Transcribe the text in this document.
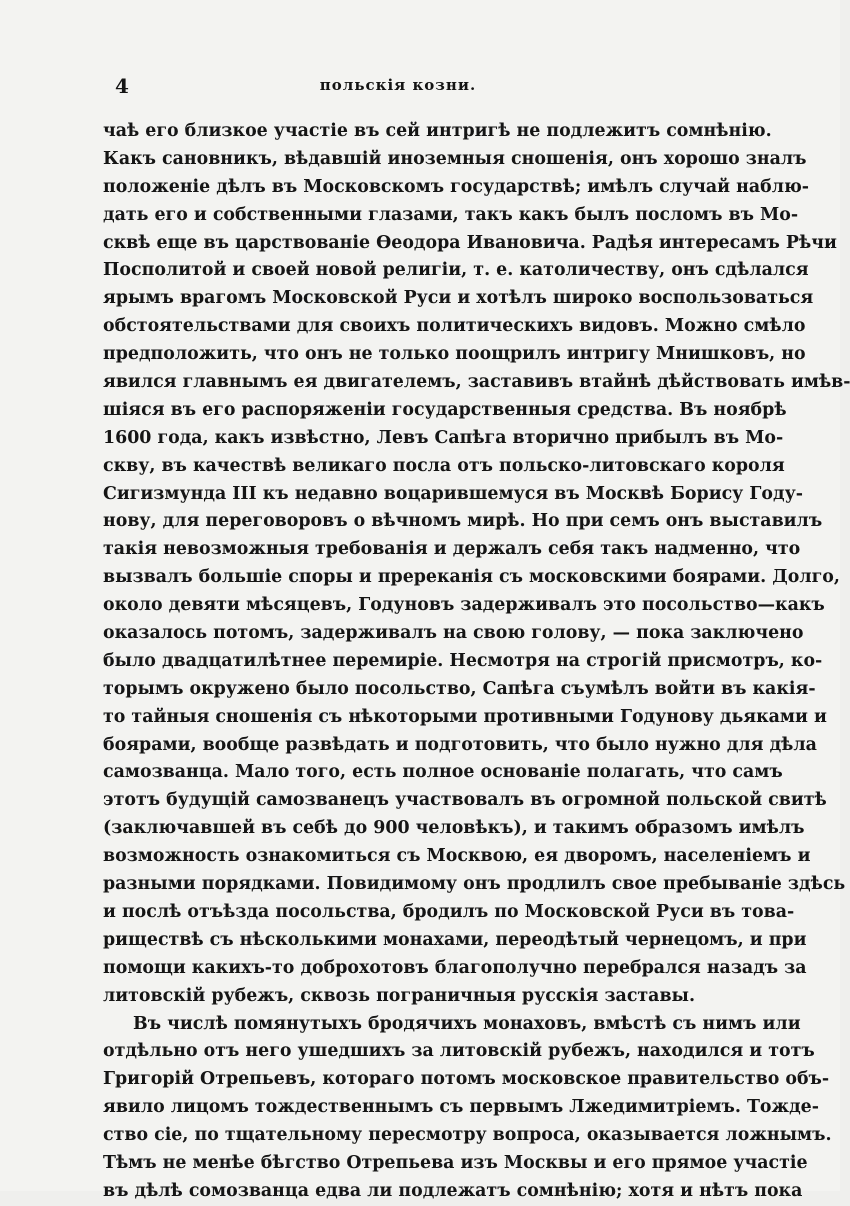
4	польскія козни.
чаѣ его близкое участіе въ сей интригѣ не подлежитъ сомнѣнію.
Какъ сановникъ, вѣдавшій иноземныя сношенія, онъ хорошо зналъ
положеніе дѣлъ въ Московскомъ государствѣ; имѣлъ случай наблю-
дать его и собственными глазами, такъ какъ былъ посломъ въ Мо-
сквѣ еще въ царствованіе Ѳеодора Ивановича. Радѣя интересамъ Рѣчи
Посполитой и своей новой религіи, т. е. католичеству, онъ сдѣлался
ярымъ врагомъ Московской Руси и хотѣлъ широко воспользоваться
обстоятельствами для своихъ политическихъ видовъ. Можно смѣло
предположить, что онъ не только поощрилъ интригу Мнишковъ, но
явился главнымъ ея двигателемъ, заставивъ втайнѣ дѣйствовать имѣв-
шіяся въ его распоряженіи государственныя средства. Въ ноябрѣ
1600 года, какъ извѣстно, Левъ Сапѣга вторично прибылъ въ Мо-
скву, въ качествѣ великаго посла отъ польско-литовскаго короля
Сигизмунда III къ недавно воцарившемуся въ Москвѣ Борису Году-
нову, для переговоровъ о вѣчномъ мирѣ. Но при семъ онъ выставилъ
такія невозможныя требованія и держалъ себя такъ надменно, что
вызвалъ большіе споры и пререканія съ московскими боярами. Долго,
около девяти мѣсяцевъ, Годуновъ задерживалъ это посольство—какъ
оказалось потомъ, задерживалъ на свою голову, — пока заключено
было двадцатилѣтнее перемиріе. Несмотря на строгій присмотръ, ко-
торымъ окружено было посольство, Сапѣга съумѣлъ войти въ какія-
то тайныя сношенія съ нѣкоторыми противными Годунову дьяками и
боярами, вообще развѣдать и подготовить, что было нужно для дѣла
самозванца. Мало того, есть полное основаніе полагать, что самъ
этотъ будущій самозванецъ участвовалъ въ огромной польской свитѣ
(заключавшей въ себѣ до 900 человѣкъ), и такимъ образомъ имѣлъ
возможность ознакомиться съ Москвою, ея дворомъ, населеніемъ и
разными порядками. Повидимому онъ продлилъ свое пребываніе здѣсь
и послѣ отъѣзда посольства, бродилъ по Московской Руси въ това-
риществѣ съ нѣсколькими монахами, переодѣтый чернецомъ, и при
помощи какихъ-то доброхотовъ благополучно перебрался назадъ за
литовскій рубежъ, сквозь пограничныя русскія заставы.
Въ числѣ помянутыхъ бродячихъ монаховъ, вмѣстѣ съ нимъ или
отдѣльно отъ него ушедшихъ за литовскій рубежъ, находился и тотъ
Григорій Отрепьевъ, котораго потомъ московское правительство объ-
явило лицомъ тождественнымъ съ первымъ Лжедимитріемъ. Тожде-
ство сіе, по тщательному пересмотру вопроса, оказывается ложнымъ.
Тѣмъ не менѣе бѣгство Отрепьева изъ Москвы и его прямое участіе
въ дѣлѣ сомозванца едва ли подлежатъ сомнѣнію; хотя и нѣтъ пока
